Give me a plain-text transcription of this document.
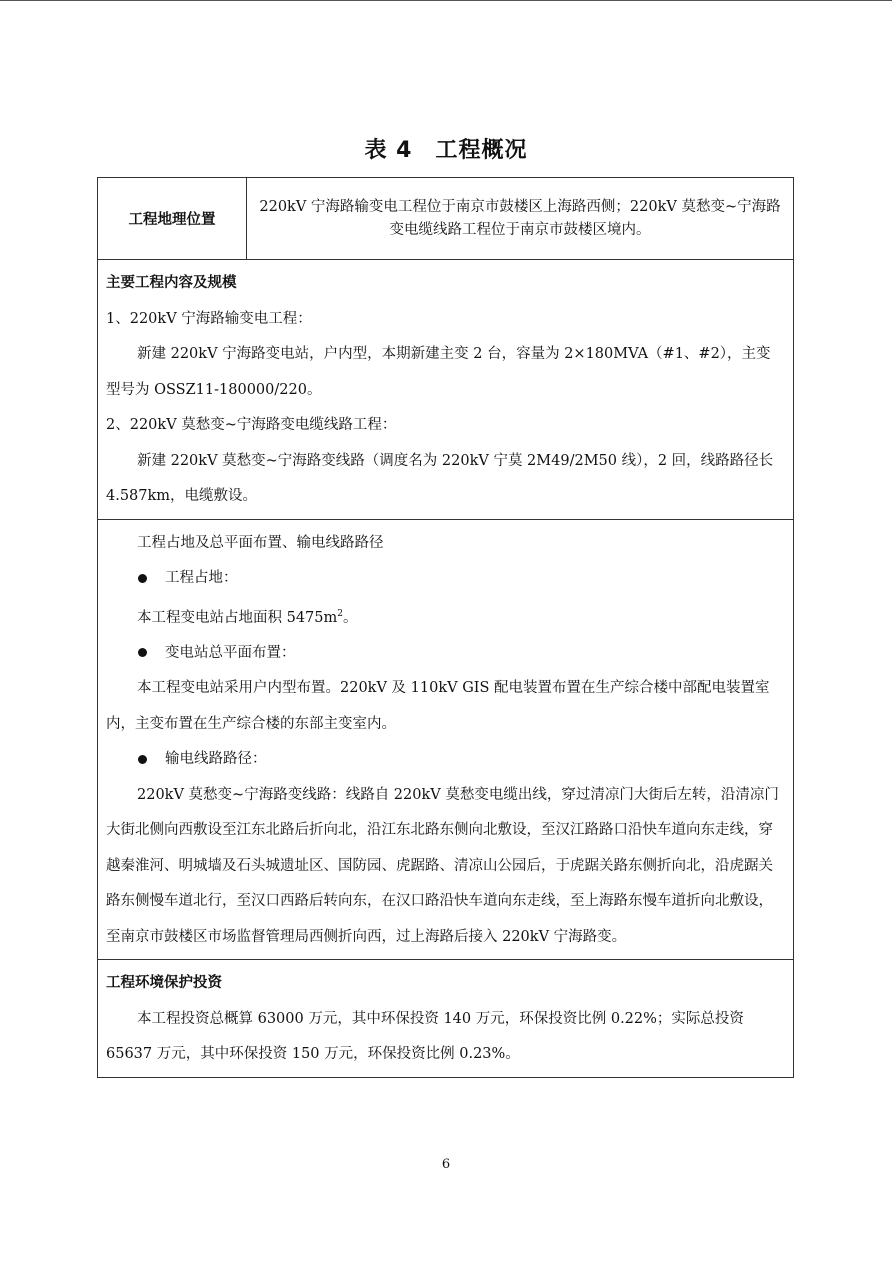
表 4　工程概况
工程地理位置
220kV 宁海路输变电工程位于南京市鼓楼区上海路西侧；220kV 莫愁变~宁海路变电缆线路工程位于南京市鼓楼区境内。
主要工程内容及规模
1、220kV 宁海路输变电工程：
新建 220kV 宁海路变电站，户内型，本期新建主变 2 台，容量为 2×180MVA（#1、#2），主变型号为 OSSZ11-180000/220。
2、220kV 莫愁变~宁海路变电缆线路工程：
新建 220kV 莫愁变~宁海路变线路（调度名为 220kV 宁莫 2M49/2M50 线），2 回，线路路径长 4.587km，电缆敷设。
工程占地及总平面布置、输电线路路径
工程占地：
本工程变电站占地面积 $5475m^2$。
变电站总平面布置：
本工程变电站采用户内型布置。220kV 及 110kV GIS 配电装置布置在生产综合楼中部配电装置室内，主变布置在生产综合楼的东部主变室内。
输电线路路径：
220kV 莫愁变~宁海路变线路：线路自 220kV 莫愁变电缆出线，穿过清凉门大街后左转，沿清凉门大街北侧向西敷设至江东北路后折向北，沿江东北路东侧向北敷设，至汉江路路口沿快车道向东走线，穿越秦淮河、明城墙及石头城遗址区、国防园、虎踞路、清凉山公园后，于虎踞关路东侧折向北，沿虎踞关路东侧慢车道北行，至汉口西路后转向东，在汉口路沿快车道向东走线，至上海路东慢车道折向北敷设，至南京市鼓楼区市场监督管理局西侧折向西，过上海路后接入 220kV 宁海路变。
工程环境保护投资
本工程投资总概算 63000 万元，其中环保投资 140 万元，环保投资比例 0.22%；实际总投资 65637 万元，其中环保投资 150 万元，环保投资比例 0.23%。
6
